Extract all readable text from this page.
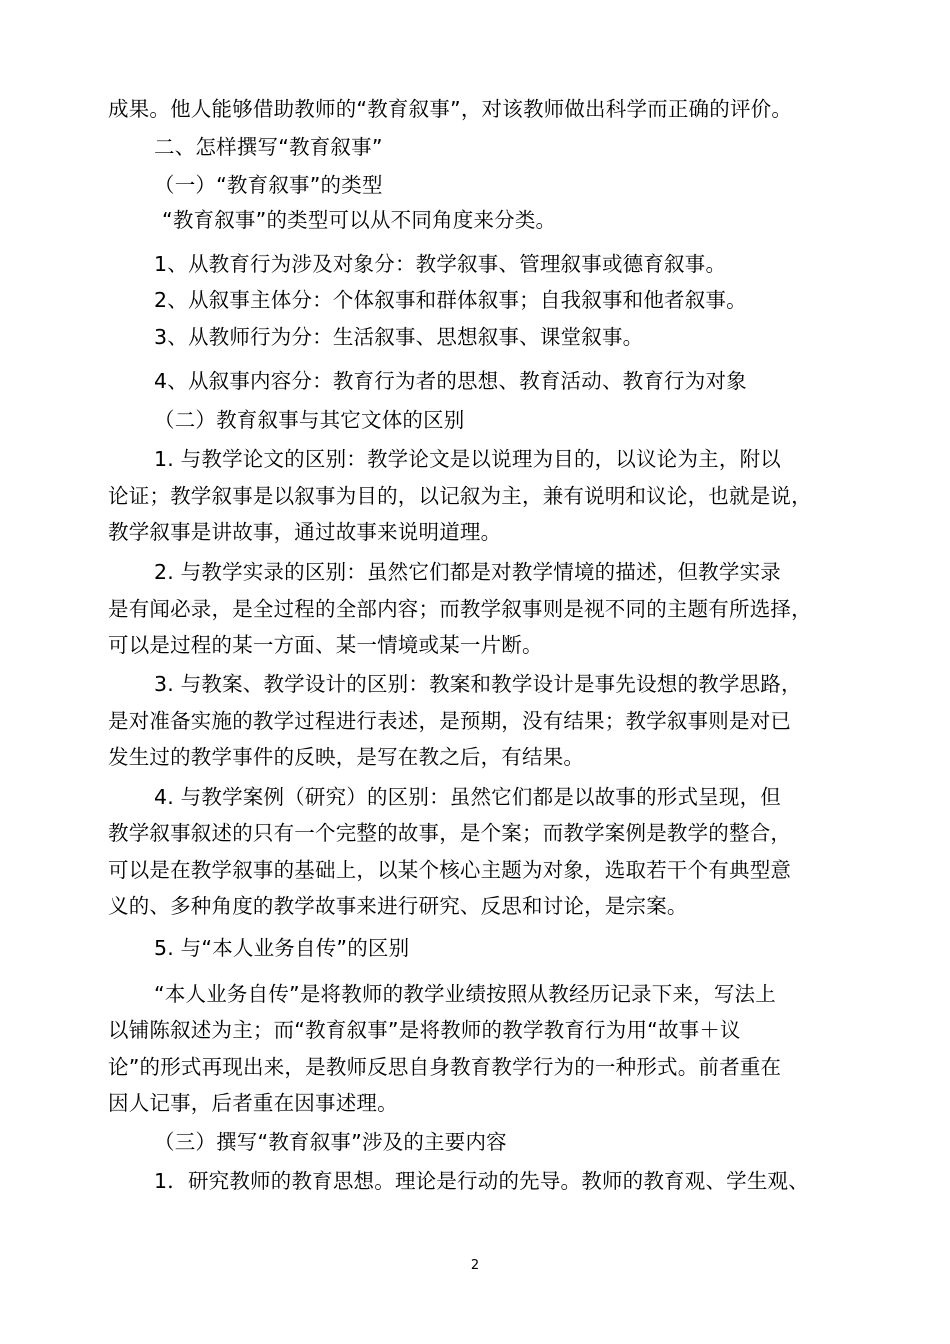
成果。他人能够借助教师的“教育叙事”，对该教师做出科学而正确的评价。
二、怎样撰写“教育叙事”
（一）“教育叙事”的类型
“教育叙事”的类型可以从不同角度来分类。
1、从教育行为涉及对象分：教学叙事、管理叙事或德育叙事。
2、从叙事主体分：个体叙事和群体叙事；自我叙事和他者叙事。
3、从教师行为分：生活叙事、思想叙事、课堂叙事。
4、从叙事内容分：教育行为者的思想、教育活动、教育行为对象
（二）教育叙事与其它文体的区别
1. 与教学论文的区别：教学论文是以说理为目的，以议论为主，附以
论证；教学叙事是以叙事为目的，以记叙为主，兼有说明和议论，也就是说，
教学叙事是讲故事，通过故事来说明道理。
2. 与教学实录的区别：虽然它们都是对教学情境的描述，但教学实录
是有闻必录，是全过程的全部内容；而教学叙事则是视不同的主题有所选择，
可以是过程的某一方面、某一情境或某一片断。
3. 与教案、教学设计的区别：教案和教学设计是事先设想的教学思路，
是对准备实施的教学过程进行表述，是预期，没有结果；教学叙事则是对已
发生过的教学事件的反映，是写在教之后，有结果。
4. 与教学案例（研究）的区别：虽然它们都是以故事的形式呈现，但
教学叙事叙述的只有一个完整的故事，是个案；而教学案例是教学的整合，
可以是在教学叙事的基础上，以某个核心主题为对象，选取若干个有典型意
义的、多种角度的教学故事来进行研究、反思和讨论，是宗案。
5. 与“本人业务自传”的区别
“本人业务自传”是将教师的教学业绩按照从教经历记录下来，写法上
以铺陈叙述为主；而“教育叙事”是将教师的教学教育行为用“故事＋议
论”的形式再现出来，是教师反思自身教育教学行为的一种形式。前者重在
因人记事，后者重在因事述理。
（三）撰写“教育叙事”涉及的主要内容
1．研究教师的教育思想。理论是行动的先导。教师的教育观、学生观、
2
